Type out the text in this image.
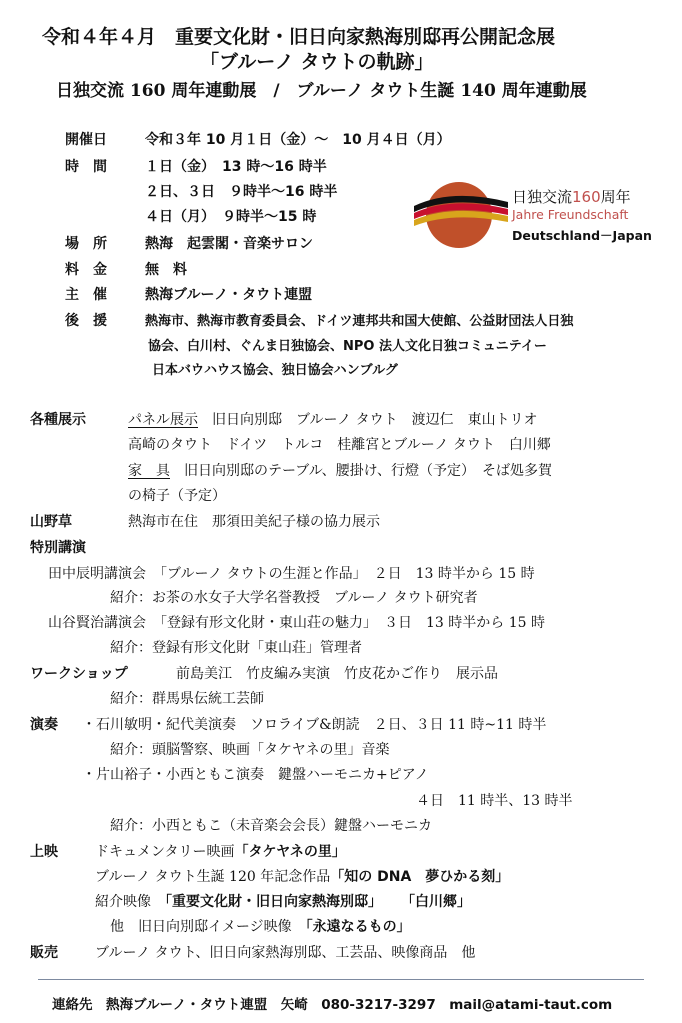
令和４年４月　重要文化財・旧日向家熱海別邸再公開記念展
「ブルーノ タウトの軌跡」
日独交流 160 周年連動展　/　ブルーノ タウト生誕 140 周年連動展
開催日	令和３年 10 月１日（金）～　10 月４日（月）
時　間	１日（金）　13 時～16 時半
２日、３日　９時半～16 時半
４日（月）　９時半～15 時
場　所	熱海　起雲閣・音楽サロン
料　金	無　料
主　催	熱海ブルーノ・タウト連盟
後　援	熱海市、熱海市教育委員会、ドイツ連邦共和国大使館、公益財団法人日独
協会、白川村、ぐんま日独協会、NPO 法人文化日独コミュニテイー
日本バウハウス協会、独日協会ハンブルグ
日独交流160周年
Jahre Freundschaft
Deutschland－Japan
各種展示	パネル展示　旧日向別邸　ブルーノ タウト　渡辺仁　東山トリオ
高崎のタウト　ドイツ　トルコ　桂離宮とブルーノ タウト　白川郷
家　具　旧日向別邸のテーブル、腰掛け、行燈（予定）　そば処多賀
の椅子（予定）
山野草	熱海市在住　那須田美紀子様の協力展示
特別講演
田中辰明講演会　「ブルーノ タウトの生涯と作品」　２日　13 時半から 15 時
紹介：お茶の水女子大学名誉教授　ブルーノ タウト研究者
山谷賢治講演会　「登録有形文化財・東山荘の魅力」　３日　13 時半から 15 時
紹介：登録有形文化財「東山荘」管理者
ワークショップ	前島美江　竹皮編み実演　竹皮花かご作り　展示品
紹介：群馬県伝統工芸師
演奏 ・石川敏明・紀代美演奏　ソロライブ&朗読　２日、３日 11 時~11 時半
紹介：頭脳警察、映画「タケヤネの里」音楽
・片山裕子・小西ともこ演奏　鍵盤ハーモニカ+ピアノ
４日　11 時半、13 時半
紹介：小西ともこ（未音楽会会長）鍵盤ハーモニカ
上映	ドキュメンタリー映画「タケヤネの里」
ブルーノ タウト生誕 120 年記念作品「知の DNA　夢ひかる刻」
紹介映像　「重要文化財・旧日向家熱海別邸」 「白川郷」
他　旧日向別邸イメージ映像　「永遠なるもの」
販売	ブルーノ タウト、旧日向家熱海別邸、工芸品、映像商品　他
連絡先　熱海ブルーノ・タウト連盟　矢崎　080-3217-3297　mail@atami-taut.com
